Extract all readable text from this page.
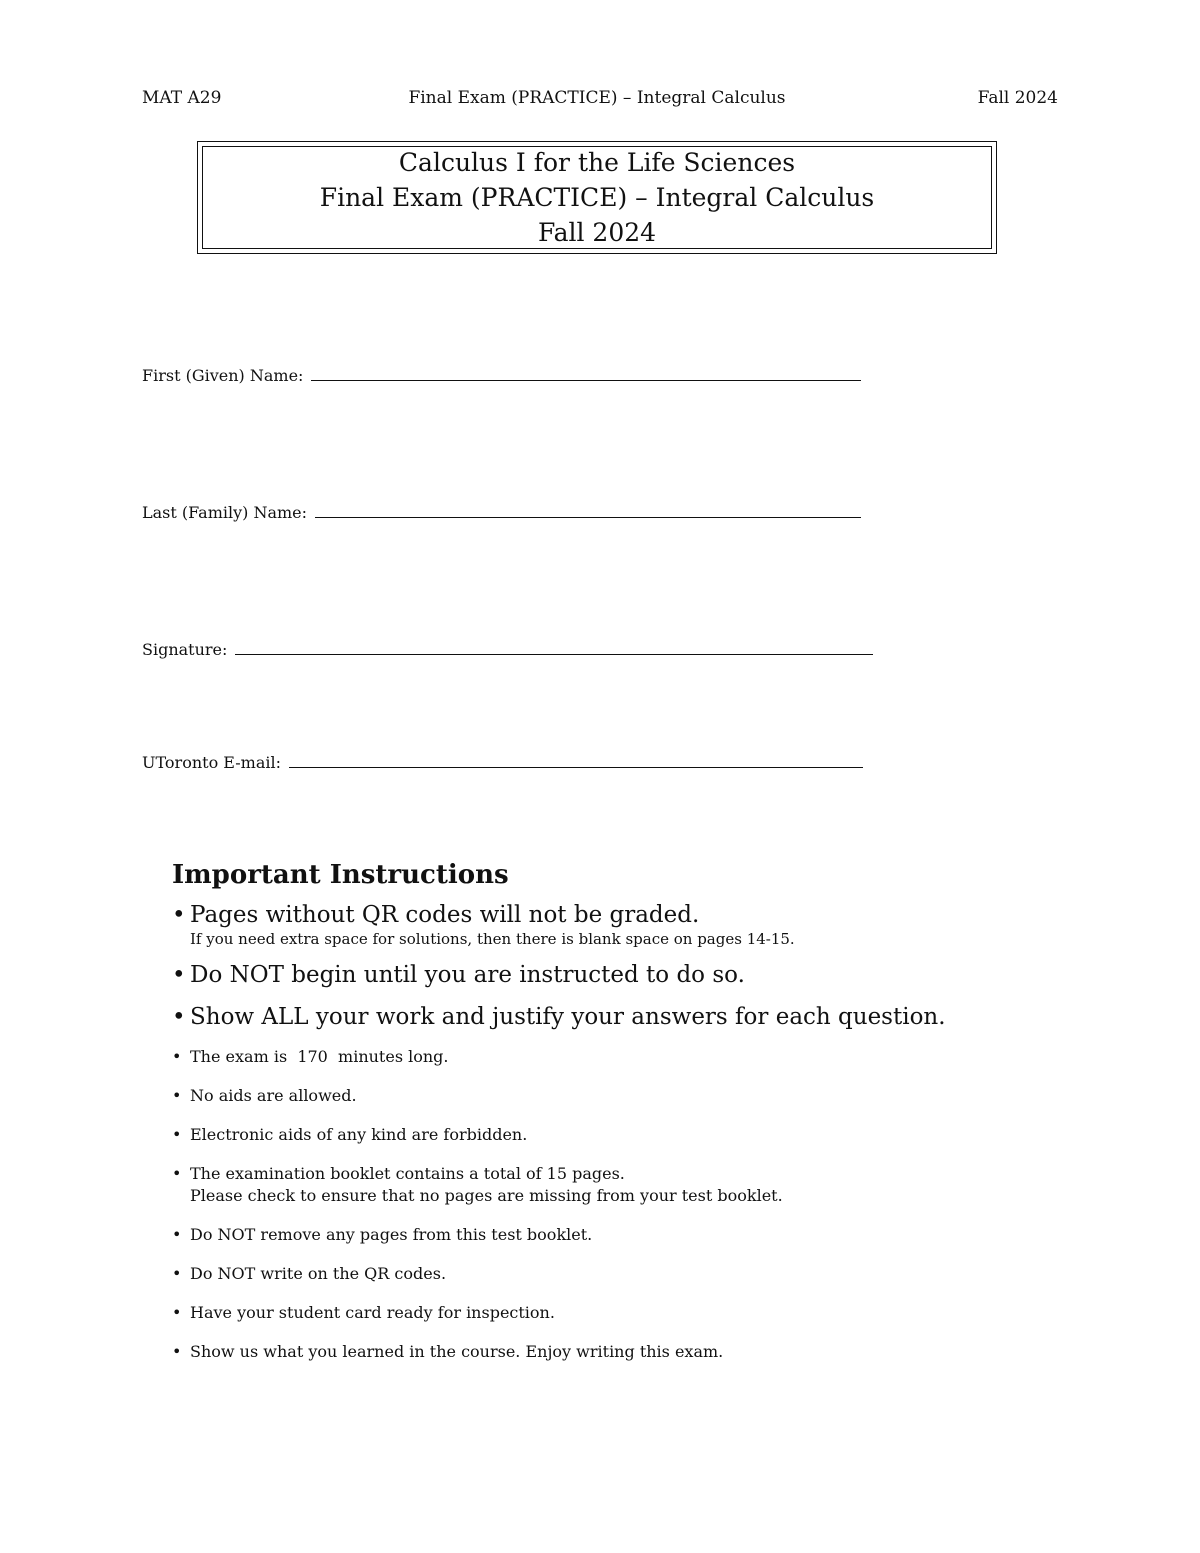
MAT A29	Final Exam (PRACTICE) – Integral Calculus	Fall 2024
Calculus I for the Life Sciences
Final Exam (PRACTICE) – Integral Calculus
Fall 2024
First (Given) Name:
Last (Family) Name:
Signature:
UToronto E-mail:
Important Instructions
• Pages without QR codes will not be graded.
If you need extra space for solutions, then there is blank space on pages 14-15.
• Do NOT begin until you are instructed to do so.
• Show ALL your work and justify your answers for each question.
• The exam is  170  minutes long.
• No aids are allowed.
• Electronic aids of any kind are forbidden.
• The examination booklet contains a total of 15 pages.
Please check to ensure that no pages are missing from your test booklet.
• Do NOT remove any pages from this test booklet.
• Do NOT write on the QR codes.
• Have your student card ready for inspection.
• Show us what you learned in the course. Enjoy writing this exam.
